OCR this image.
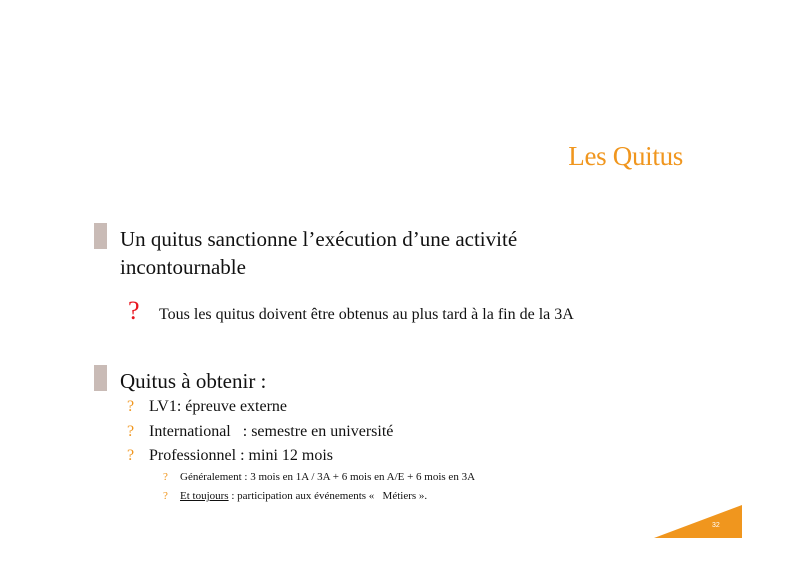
Les Quitus
Un quitus sanctionne l’exécution d’une activité
incontournable
? Tous les quitus doivent être obtenus au plus tard à la fin de la 3A
Quitus à obtenir :
? LV1: épreuve externe
? International   : semestre en université
? Professionnel : mini 12 mois
? Généralement : 3 mois en 1A / 3A + 6 mois en A/E + 6 mois en 3A
? Et toujours : participation aux événements «   Métiers ».
32
